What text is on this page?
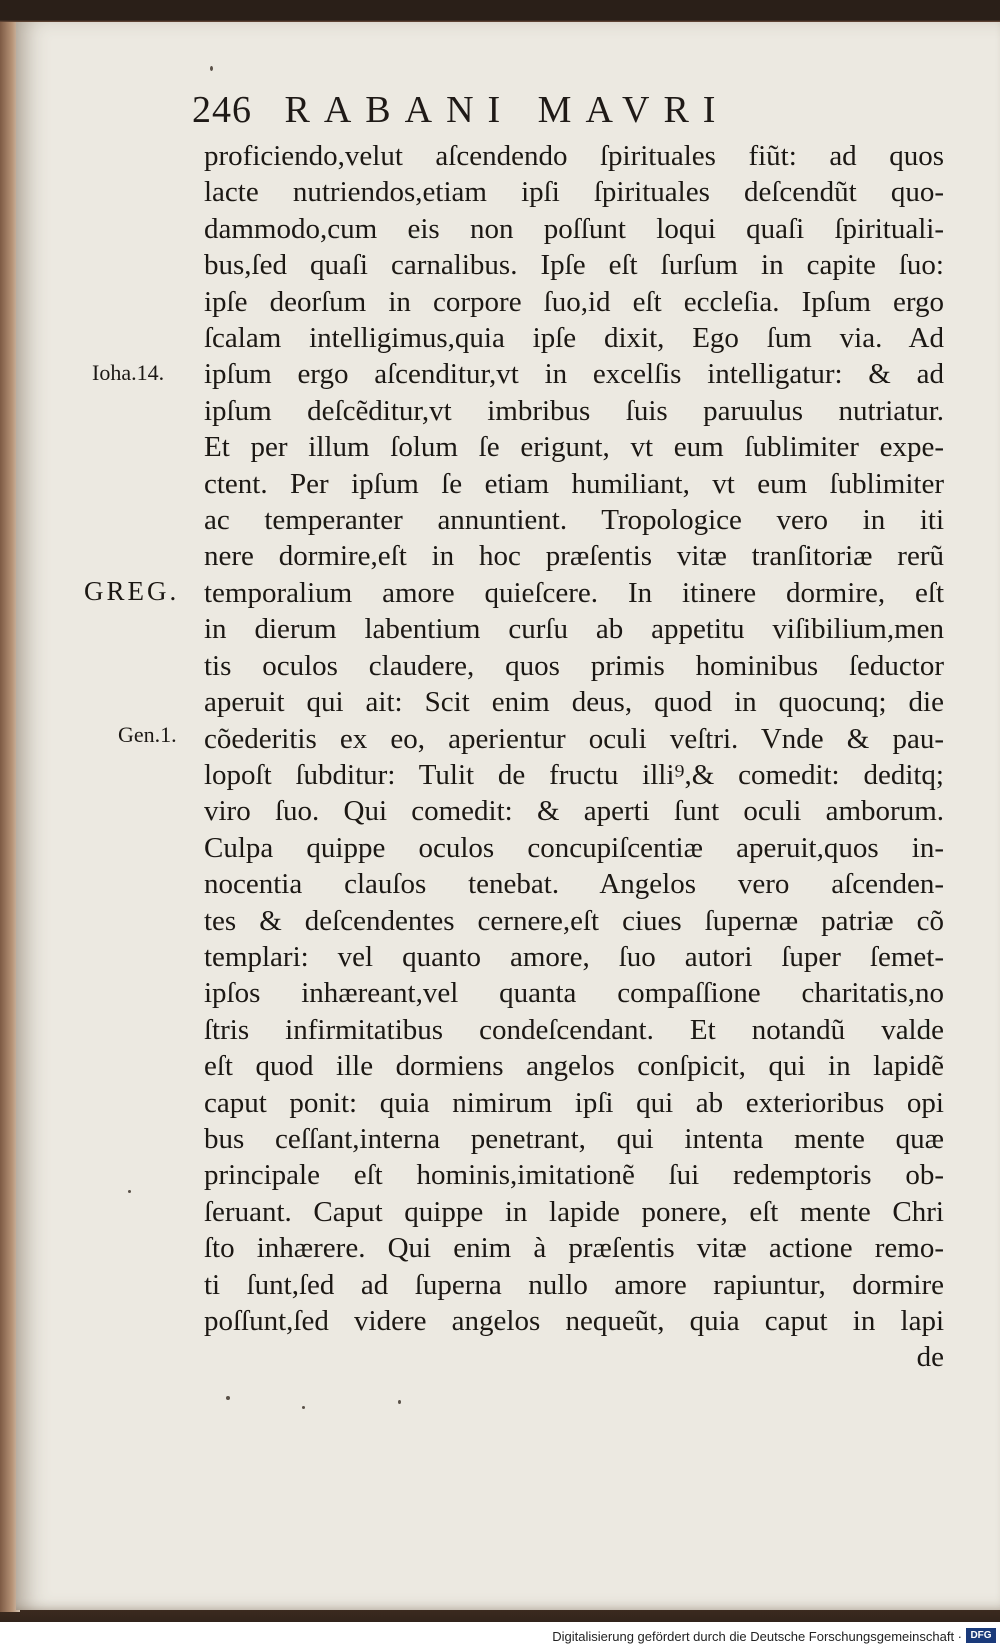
246 RABANI MAVRI
Ioha.14.
GREG.
Gen.1.
proficiendo,velut aſcendendo ſpirituales fiũt: ad quos
lacte nutriendos,etiam ipſi ſpirituales deſcendũt quo-
dammodo,cum eis non poſſunt loqui quaſi ſpirituali-
bus,ſed quaſi carnalibus. Ipſe eſt ſurſum in capite ſuo:
ipſe deorſum in corpore ſuo,id eſt eccleſia. Ipſum ergo
ſcalam intelligimus,quia ipſe dixit, Ego ſum via. Ad
ipſum ergo aſcenditur,vt in excelſis intelligatur: & ad
ipſum deſcẽditur,vt imbribus ſuis paruulus nutriatur.
Et per illum ſolum ſe erigunt, vt eum ſublimiter expe-
ctent. Per ipſum ſe etiam humiliant, vt eum ſublimiter
ac temperanter annuntient. Tropologice vero in iti
nere dormire,eſt in hoc præſentis vitæ tranſitoriæ rerũ
temporalium amore quieſcere. In itinere dormire, eſt
in dierum labentium curſu ab appetitu viſibilium,men
tis oculos claudere, quos primis hominibus ſeductor
aperuit qui ait: Scit enim deus, quod in quocunq; die
cõederitis ex eo, aperientur oculi veſtri. Vnde & pau-
lopoſt ſubditur: Tulit de fructu illi⁹,& comedit: deditq;
viro ſuo. Qui comedit: & aperti ſunt oculi amborum.
Culpa quippe oculos concupiſcentiæ aperuit,quos in-
nocentia clauſos tenebat. Angelos vero aſcenden-
tes & deſcendentes cernere,eſt ciues ſupernæ patriæ cõ
templari: vel quanto amore, ſuo autori ſuper ſemet-
ipſos inhæreant,vel quanta compaſſione charitatis,no
ſtris infirmitatibus condeſcendant. Et notandũ valde
eſt quod ille dormiens angelos conſpicit, qui in lapidẽ
caput ponit: quia nimirum ipſi qui ab exterioribus opi
bus ceſſant,interna penetrant, qui intenta mente quæ
principale eſt hominis,imitationẽ ſui redemptoris ob-
ſeruant. Caput quippe in lapide ponere, eſt mente Chri
ſto inhærere. Qui enim à præſentis vitæ actione remo-
ti ſunt,ſed ad ſuperna nullo amore rapiuntur, dormire
poſſunt,ſed videre angelos nequeũt, quia caput in lapi
de
Digitalisierung gefördert durch die Deutsche Forschungsgemeinschaft · DFG
